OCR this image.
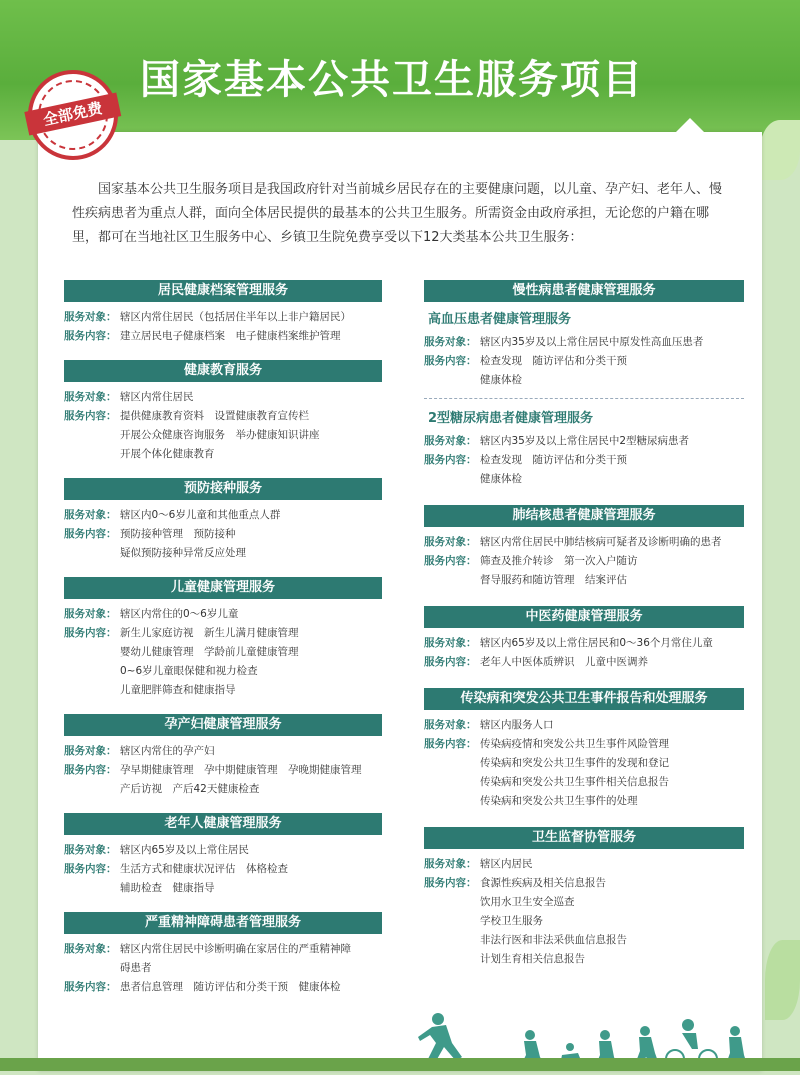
国家基本公共卫生服务项目
全部免费
国家基本公共卫生服务项目是我国政府针对当前城乡居民存在的主要健康问题，以儿童、孕产妇、老年人、慢性疾病患者为重点人群，面向全体居民提供的最基本的公共卫生服务。所需资金由政府承担，无论您的户籍在哪里，都可在当地社区卫生服务中心、乡镇卫生院免费享受以下12大类基本公共卫生服务：
居民健康档案管理服务
服务对象： 辖区内常住居民（包括居住半年以上非户籍居民）
服务内容： 建立居民电子健康档案　电子健康档案维护管理
健康教育服务
服务对象： 辖区内常住居民
服务内容： 提供健康教育资料　设置健康教育宣传栏
开展公众健康咨询服务　举办健康知识讲座
开展个体化健康教育
预防接种服务
服务对象： 辖区内0～6岁儿童和其他重点人群
服务内容： 预防接种管理　预防接种
疑似预防接种异常反应处理
儿童健康管理服务
服务对象： 辖区内常住的0～6岁儿童
服务内容： 新生儿家庭访视　新生儿满月健康管理
婴幼儿健康管理　学龄前儿童健康管理
0~6岁儿童眼保健和视力检查
儿童肥胖筛查和健康指导
孕产妇健康管理服务
服务对象： 辖区内常住的孕产妇
服务内容： 孕早期健康管理　孕中期健康管理　孕晚期健康管理
产后访视　产后42天健康检查
老年人健康管理服务
服务对象： 辖区内65岁及以上常住居民
服务内容： 生活方式和健康状况评估　体格检查
辅助检查　健康指导
严重精神障碍患者管理服务
服务对象： 辖区内常住居民中诊断明确在家居住的严重精神障
碍患者
服务内容： 患者信息管理　随访评估和分类干预　健康体检
慢性病患者健康管理服务
高血压患者健康管理服务
服务对象： 辖区内35岁及以上常住居民中原发性高血压患者
服务内容： 检查发现　随访评估和分类干预
健康体检
2型糖尿病患者健康管理服务
服务对象： 辖区内35岁及以上常住居民中2型糖尿病患者
服务内容： 检查发现　随访评估和分类干预
健康体检
肺结核患者健康管理服务
服务对象： 辖区内常住居民中肺结核病可疑者及诊断明确的患者
服务内容： 筛查及推介转诊　第一次入户随访
督导服药和随访管理　结案评估
中医药健康管理服务
服务对象： 辖区内65岁及以上常住居民和0～36个月常住儿童
服务内容： 老年人中医体质辨识　儿童中医调养
传染病和突发公共卫生事件报告和处理服务
服务对象： 辖区内服务人口
服务内容： 传染病疫情和突发公共卫生事件风险管理
传染病和突发公共卫生事件的发现和登记
传染病和突发公共卫生事件相关信息报告
传染病和突发公共卫生事件的处理
卫生监督协管服务
服务对象： 辖区内居民
服务内容： 食源性疾病及相关信息报告
饮用水卫生安全巡查
学校卫生服务
非法行医和非法采供血信息报告
计划生育相关信息报告
